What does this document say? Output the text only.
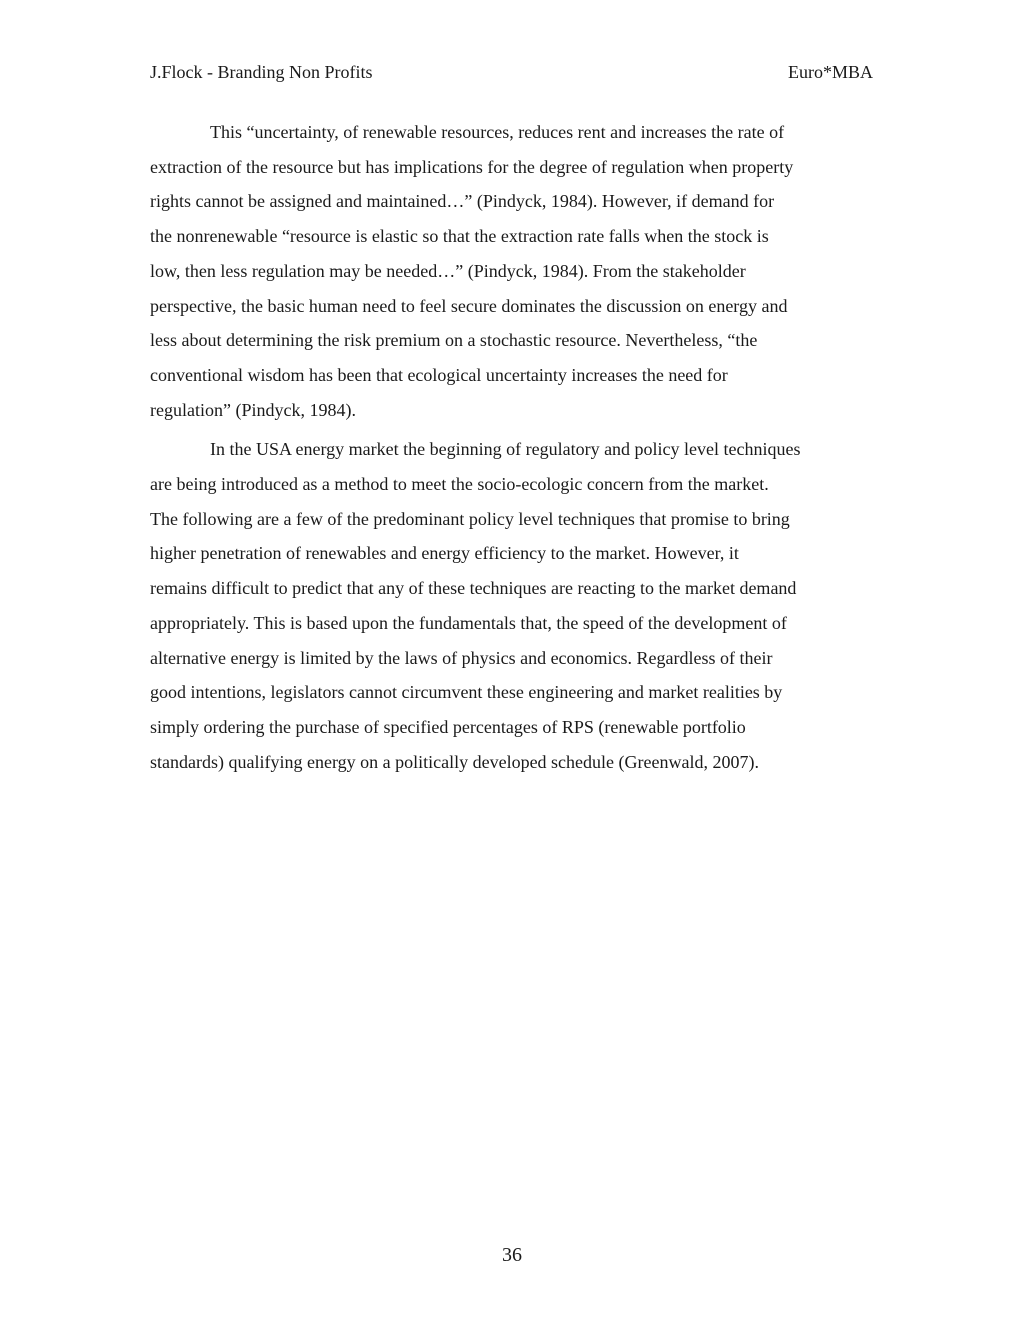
J.Flock - Branding Non Profits	Euro*MBA

This “uncertainty, of renewable resources, reduces rent and increases the rate of
extraction of the resource but has implications for the degree of regulation when property
rights cannot be assigned and maintained…” (Pindyck, 1984). However, if demand for
the nonrenewable “resource is elastic so that the extraction rate falls when the stock is
low, then less regulation may be needed…” (Pindyck, 1984). From the stakeholder
perspective, the basic human need to feel secure dominates the discussion on energy and
less about determining the risk premium on a stochastic resource. Nevertheless, “the
conventional wisdom has been that ecological uncertainty increases the need for
regulation” (Pindyck, 1984).

In the USA energy market the beginning of regulatory and policy level techniques
are being introduced as a method to meet the socio-ecologic concern from the market.
The following are a few of the predominant policy level techniques that promise to bring
higher penetration of renewables and energy efficiency to the market. However, it
remains difficult to predict that any of these techniques are reacting to the market demand
appropriately. This is based upon the fundamentals that, the speed of the development of
alternative energy is limited by the laws of physics and economics. Regardless of their
good intentions, legislators cannot circumvent these engineering and market realities by
simply ordering the purchase of specified percentages of RPS (renewable portfolio
standards) qualifying energy on a politically developed schedule (Greenwald, 2007).

36
